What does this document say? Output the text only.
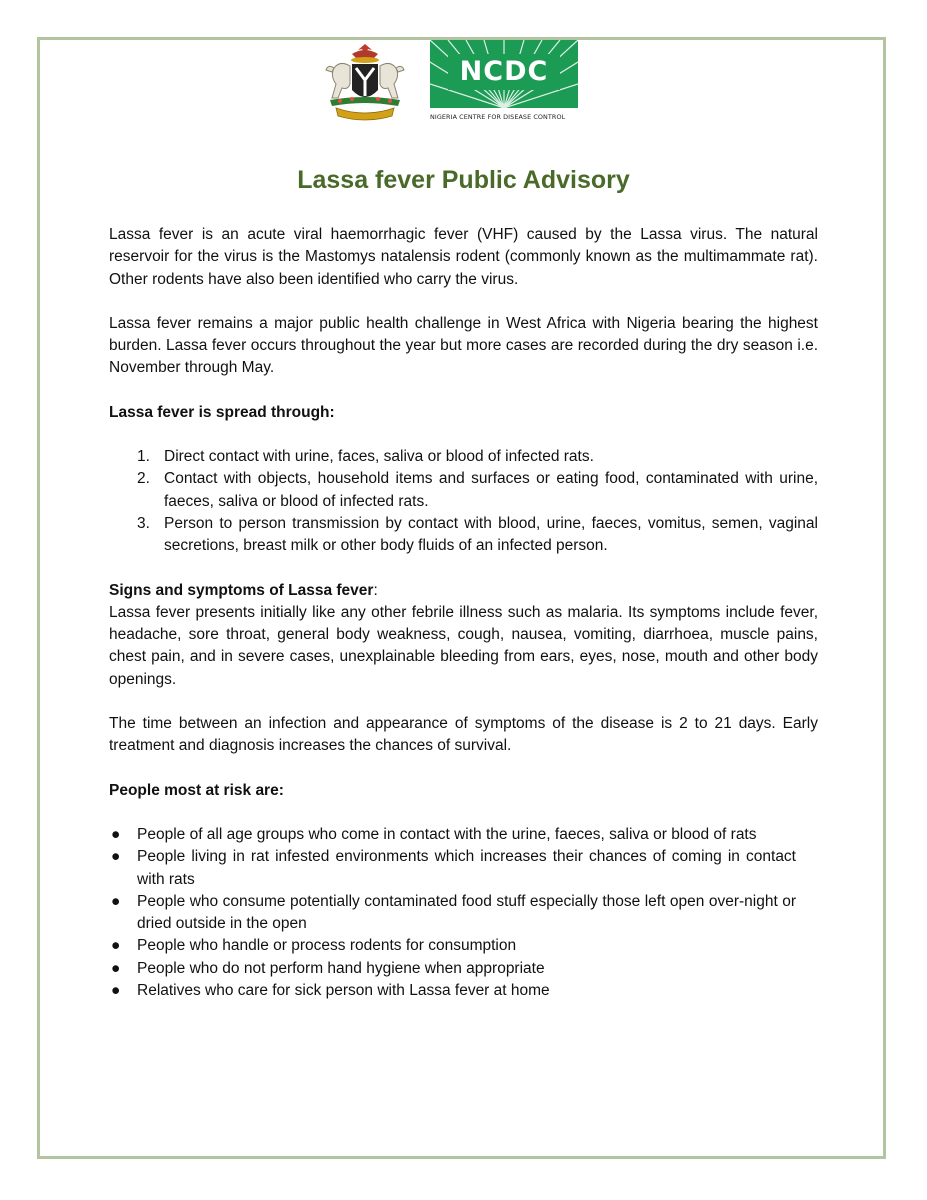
NCDC
NIGERIA CENTRE FOR DISEASE CONTROL
Lassa fever Public Advisory

Lassa fever is an acute viral haemorrhagic fever (VHF) caused by the Lassa virus. The natural reservoir for the virus is the Mastomys natalensis rodent (commonly known as the multimammate rat). Other rodents have also been identified who carry the virus.

Lassa fever remains a major public health challenge in West Africa with Nigeria bearing the highest burden. Lassa fever occurs throughout the year but more cases are recorded during the dry season i.e. November through May.

Lassa fever is spread through:

1. Direct contact with urine, faces, saliva or blood of infected rats.
2. Contact with objects, household items and surfaces or eating food, contaminated with urine, faeces, saliva or blood of infected rats.
3. Person to person transmission by contact with blood, urine, faeces, vomitus, semen, vaginal secretions, breast milk or other body fluids of an infected person.

Signs and symptoms of Lassa fever:

Lassa fever presents initially like any other febrile illness such as malaria. Its symptoms include fever, headache, sore throat, general body weakness, cough, nausea, vomiting, diarrhoea, muscle pains, chest pain, and in severe cases, unexplainable bleeding from ears, eyes, nose, mouth and other body openings.

The time between an infection and appearance of symptoms of the disease is 2 to 21 days. Early treatment and diagnosis increases the chances of survival.

People most at risk are:

● People of all age groups who come in contact with the urine, faeces, saliva or blood of rats
● People living in rat infested environments which increases their chances of coming in contact with rats
● People who consume potentially contaminated food stuff especially those left open over-night or dried outside in the open
● People who handle or process rodents for consumption
● People who do not perform hand hygiene when appropriate
● Relatives who care for sick person with Lassa fever at home
